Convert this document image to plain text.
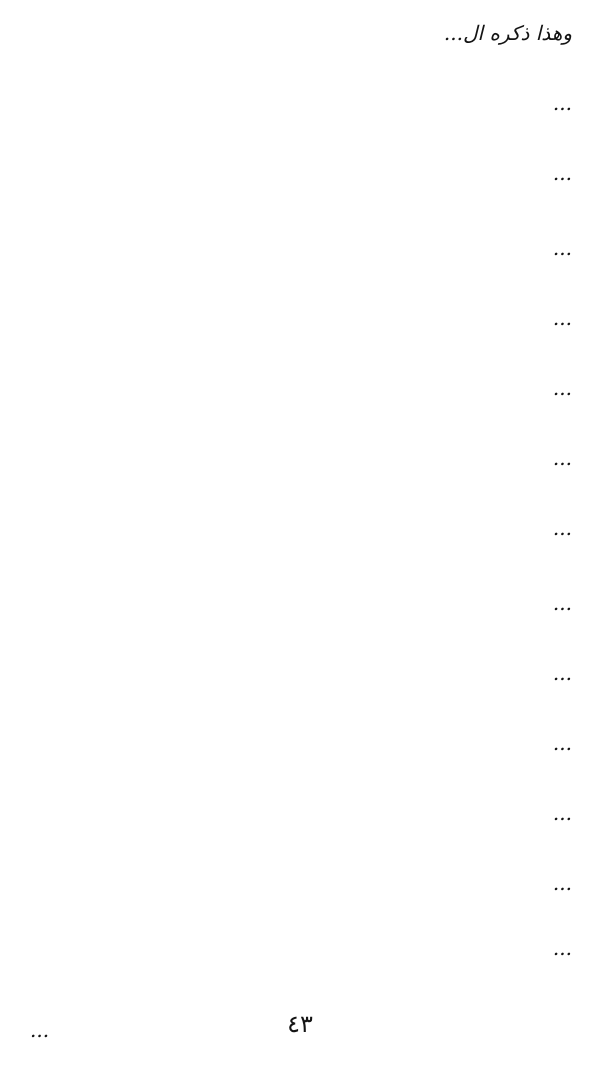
وهذا ذكره ال...
...
...
...
...
...
...
...
...
...
...
...
...
...
٤٣
...
